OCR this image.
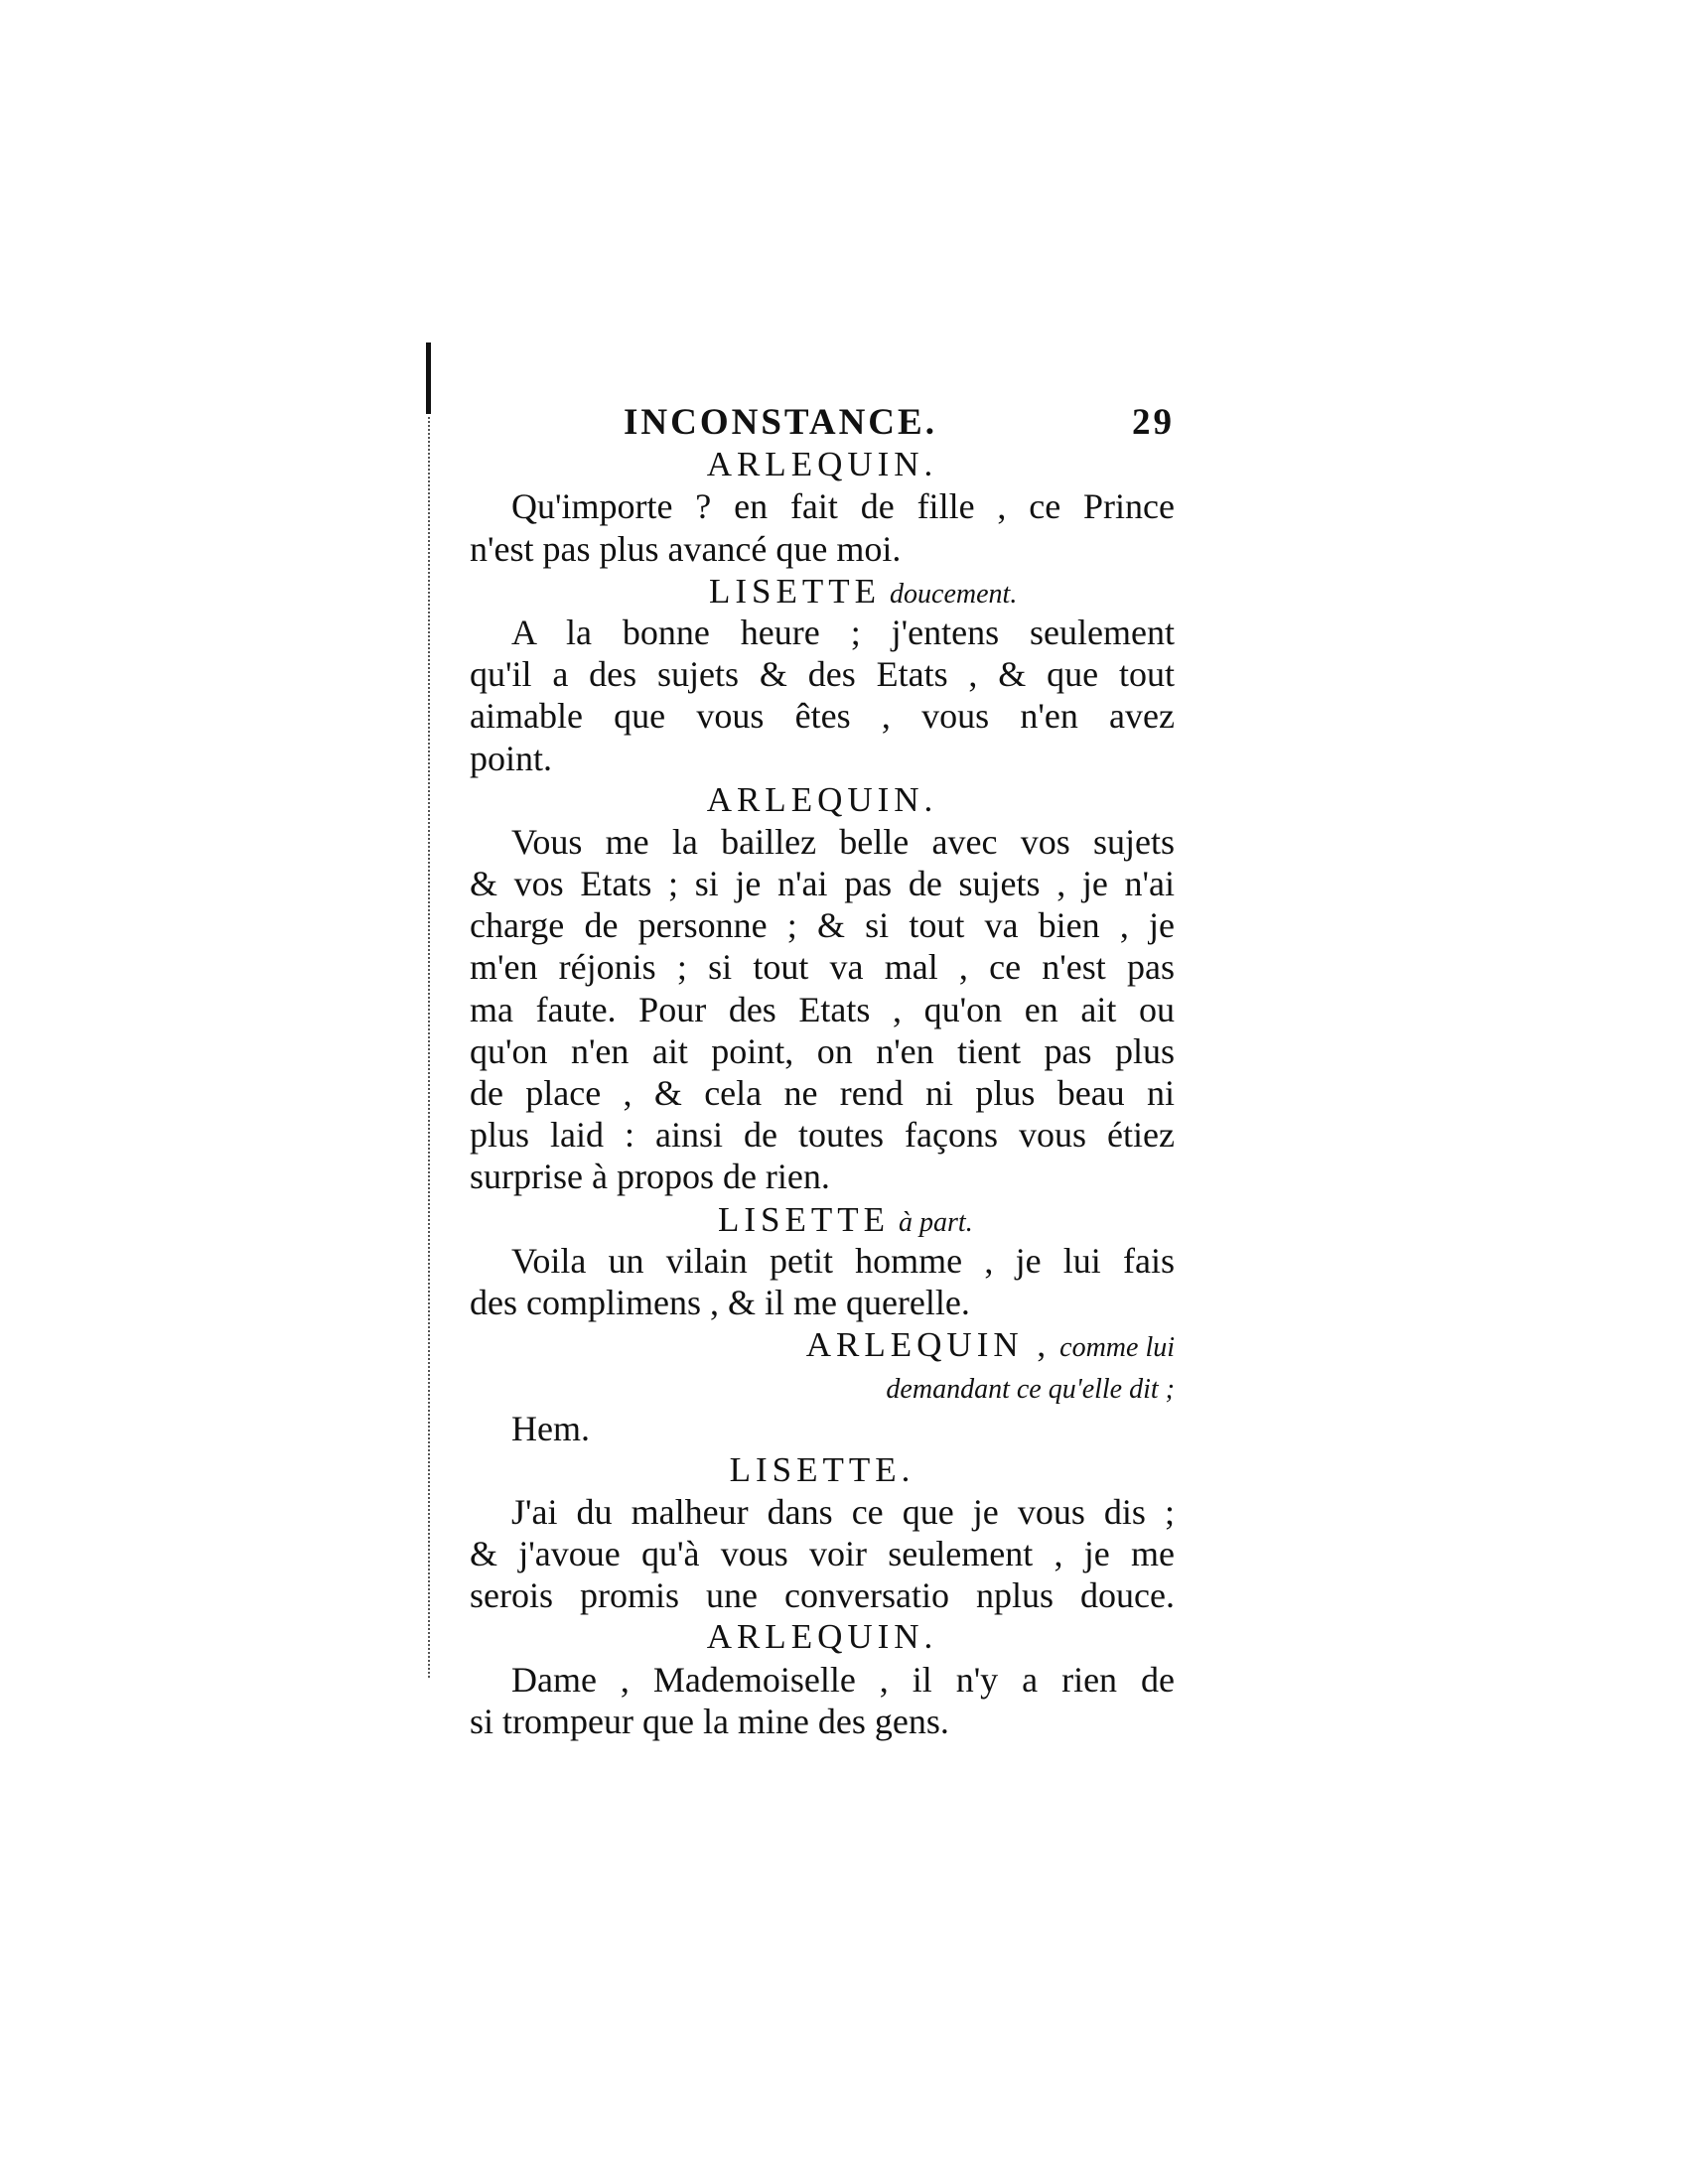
INCONSTANCE.	29
ARLEQUIN.
Qu'importe ? en fait de fille , ce Prince
n'est pas plus avancé que moi.
LISETTE doucement.
A la bonne heure ; j'entens seulement
qu'il a des sujets & des Etats , & que tout
aimable que vous êtes , vous n'en avez
point.
ARLEQUIN.
Vous me la baillez belle avec vos sujets
& vos Etats ; si je n'ai pas de sujets , je n'ai
charge de personne ; & si tout va bien , je
m'en réjonis ; si tout va mal , ce n'est pas
ma faute. Pour des Etats , qu'on en ait ou
qu'on n'en ait point, on n'en tient pas plus
de place , & cela ne rend ni plus beau ni
plus laid : ainsi de toutes façons vous étiez
surprise à propos de rien.
LISETTE à part.
Voila un vilain petit homme , je lui fais
des complimens , & il me querelle.
ARLEQUIN , comme lui
demandant ce qu'elle dit ;
Hem.
LISETTE.
J'ai du malheur dans ce que je vous dis ;
& j'avoue qu'à vous voir seulement , je me
serois promis une conversatio nplus douce.
ARLEQUIN.
Dame , Mademoiselle , il n'y a rien de
si trompeur que la mine des gens.
